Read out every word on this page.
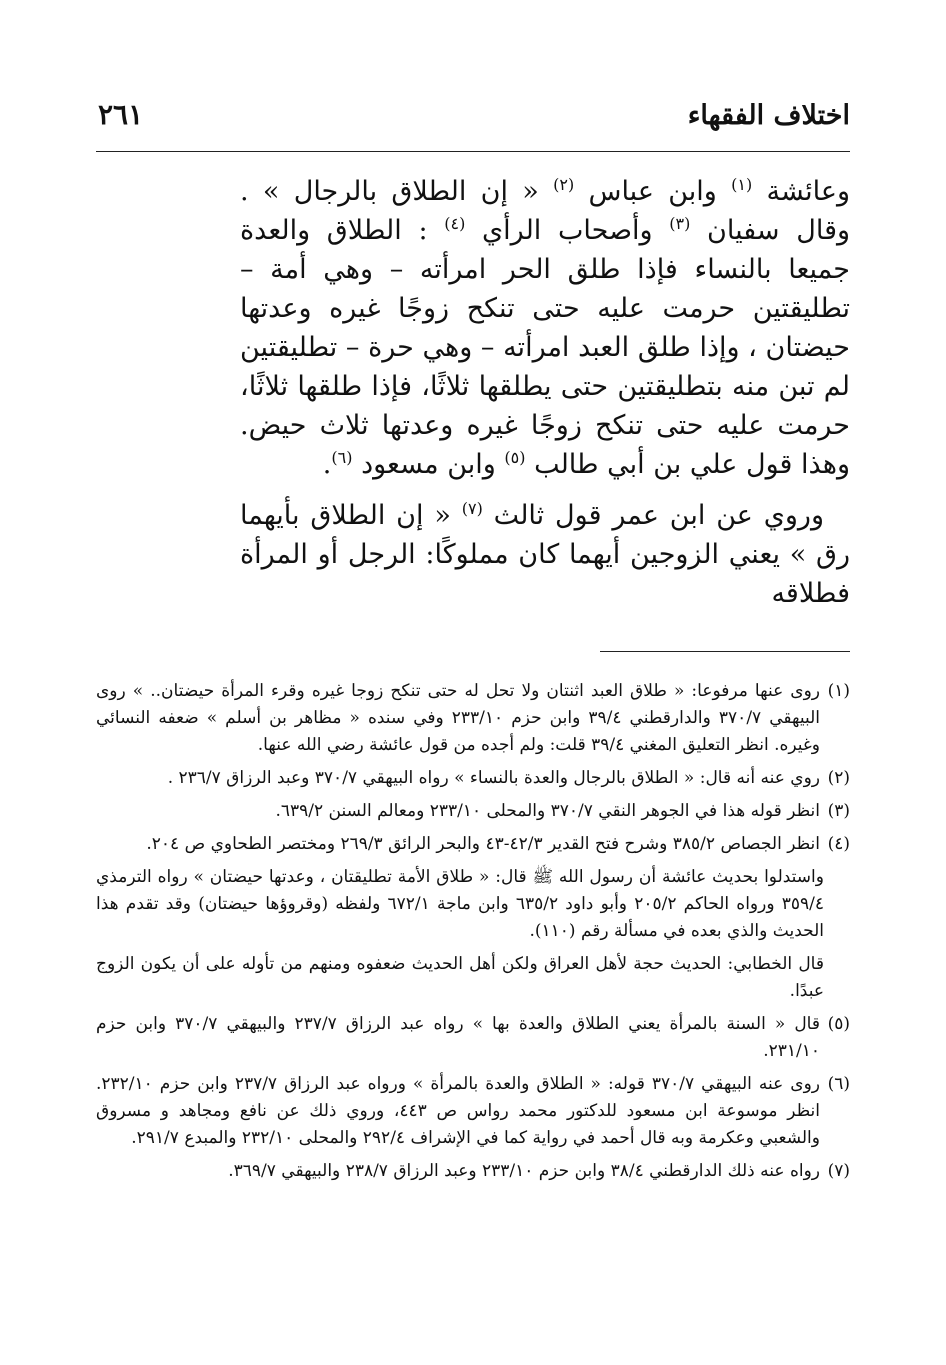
اختلاف الفقهاء
٢٦١

وعائشة $^{(١)}$ وابن عباس $^{(٢)}$ « إن الطلاق بالرجال » . وقال سفيان $^{(٣)}$ وأصحاب الرأي $^{(٤)}$ : الطلاق والعدة جميعا بالنساء فإذا طلق الحر امرأته – وهي أمة – تطليقتين حرمت عليه حتى تنكح زوجًا غيره وعدتها حيضتان ، وإذا طلق العبد امرأته – وهي حرة – تطليقتين لم تبن منه بتطليقتين حتى يطلقها ثلاثًا، فإذا طلقها ثلاثًا، حرمت عليه حتى تنكح زوجًا غيره وعدتها ثلاث حيض. وهذا قول علي بن أبي طالب $^{(٥)}$ وابن مسعود $^{(٦)}$.

وروي عن ابن عمر قول ثالث $^{(٧)}$ « إن الطلاق بأيهما رق » يعني الزوجين أيهما كان مملوكًا: الرجل أو المرأة فطلاقه

(١)
روى عنها مرفوعا: « طلاق العبد اثنتان ولا تحل له حتى تنكح زوجا غيره وقرء المرأة حيضتان.. » روى البيهقي ٣٧٠/٧ والدارقطني ٣٩/٤ وابن حزم ٢٣٣/١٠ وفي سنده « مظاهر بن أسلم » ضعفه النسائي وغيره. انظر التعليق المغني ٣٩/٤ قلت: ولم أجده من قول عائشة رضي الله عنها.

(٢)
روي عنه أنه قال: « الطلاق بالرجال والعدة بالنساء » رواه البيهقي ٣٧٠/٧ وعبد الرزاق ٢٣٦/٧ .

(٣)
انظر قوله هذا في الجوهر النقي ٣٧٠/٧ والمحلى ٢٣٣/١٠ ومعالم السنن ٦٣٩/٢.

(٤)
انظر الجصاص ٣٨٥/٢ وشرح فتح القدير ٤٢/٣-٤٣ والبحر الرائق ٢٦٩/٣ ومختصر الطحاوي ص ٢٠٤.

واستدلوا بحديث عائشة أن رسول الله ﷺ قال: « طلاق الأمة تطليقتان ، وعدتها حيضتان » رواه الترمذي ٣٥٩/٤ ورواه الحاكم ٢٠٥/٢ وأبو داود ٦٣٥/٢ وابن ماجة ٦٧٢/١ ولفظه (وقروؤها حيضتان) وقد تقدم هذا الحديث والذي بعده في مسألة رقم (١١٠).

قال الخطابي: الحديث حجة لأهل العراق ولكن أهل الحديث ضعفوه ومنهم من تأوله على أن يكون الزوج عبدًا.

(٥)
قال « السنة بالمرأة يعني الطلاق والعدة بها » رواه عبد الرزاق ٢٣٧/٧ والبيهقي ٣٧٠/٧ وابن حزم ٢٣١/١٠.

(٦)
روى عنه البيهقي ٣٧٠/٧ قوله: « الطلاق والعدة بالمرأة » ورواه عبد الرزاق ٢٣٧/٧ وابن حزم ٢٣٢/١٠. انظر موسوعة ابن مسعود للدكتور محمد رواس ص ٤٤٣، وروي ذلك عن نافع ومجاهد و مسروق والشعبي وعكرمة وبه قال أحمد في رواية كما في الإشراف ٢٩٢/٤ والمحلى ٢٣٢/١٠ والمبدع ٢٩١/٧.

(٧)
رواه عنه ذلك الدارقطني ٣٨/٤ وابن حزم ٢٣٣/١٠ وعبد الرزاق ٢٣٨/٧ والبيهقي ٣٦٩/٧.
